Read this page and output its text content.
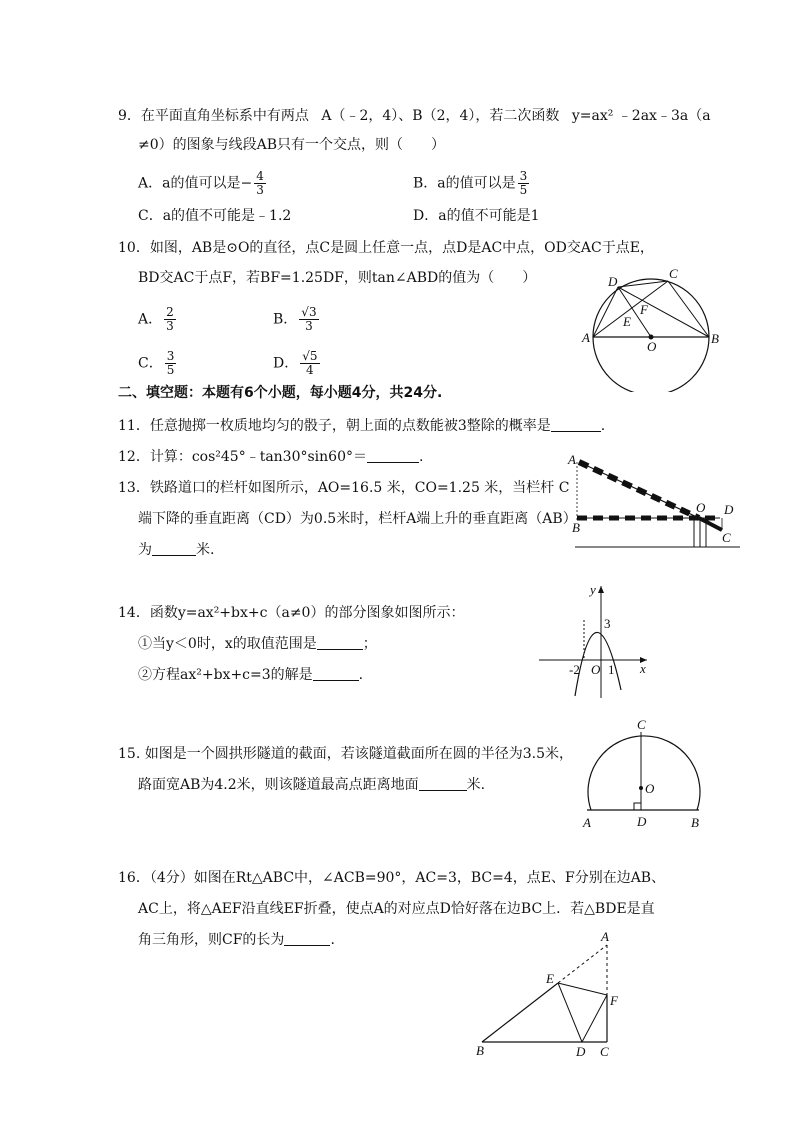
9．在平面直角坐标系中有两点 A（﹣2，4）、B（2，4），若二次函数 y=ax² ﹣2ax﹣3a（a
≠0）的图象与线段AB只有一个交点，则（　　）
A．a的值可以是− $\frac{4}{3}$	B．a的值可以是 $\frac{3}{5}$
C．a的值不可能是﹣1.2	D．a的值不可能是1
10．如图，AB是⊙O的直径，点C是圆上任意一点，点D是AC中点，OD交AC于点E，
BD交AC于点F，若BF=1.25DF，则tan∠ABD的值为（　　）
A． $\frac{2}{3}$	B． $\frac{√3}{3}$
C． $\frac{3}{5}$	D． $\frac{√5}{4}$
A	B
C
D
E
F
O
二、填空题：本题有6个小题，每小题4分，共24分.
11．任意抛掷一枚质地均匀的骰子，朝上面的点数能被3整除的概率是	.
12．计算：cos²45°﹣tan30°sin60°＝	.
13．铁路道口的栏杆如图所示，AO=16.5 米，CO=1.25 米，当栏杆 C
端下降的垂直距离（CD）为0.5米时，栏杆A端上升的垂直距离（AB）
为	米.
A
B
O D
C
14．函数y=ax²+bx+c（a≠0）的部分图象如图所示：
①当y＜0时，x的取值范围是	；
②方程ax²+bx+c=3的解是	.
y
x
3
-2 O 1
15. 如图是一个圆拱形隧道的截面，若该隧道截面所在圆的半径为3.5米，
路面宽AB为4.2米，则该隧道最高点距离地面	米.
C
O
A	D	B
16．（4分）如图在Rt△ABC中，∠ACB=90°，AC=3，BC=4，点E、F分别在边AB、
AC上，将△AEF沿直线EF折叠，使点A的对应点D恰好落在边BC上．若△BDE是直
角三角形，则CF的长为	.	A
E
F
B	D C
